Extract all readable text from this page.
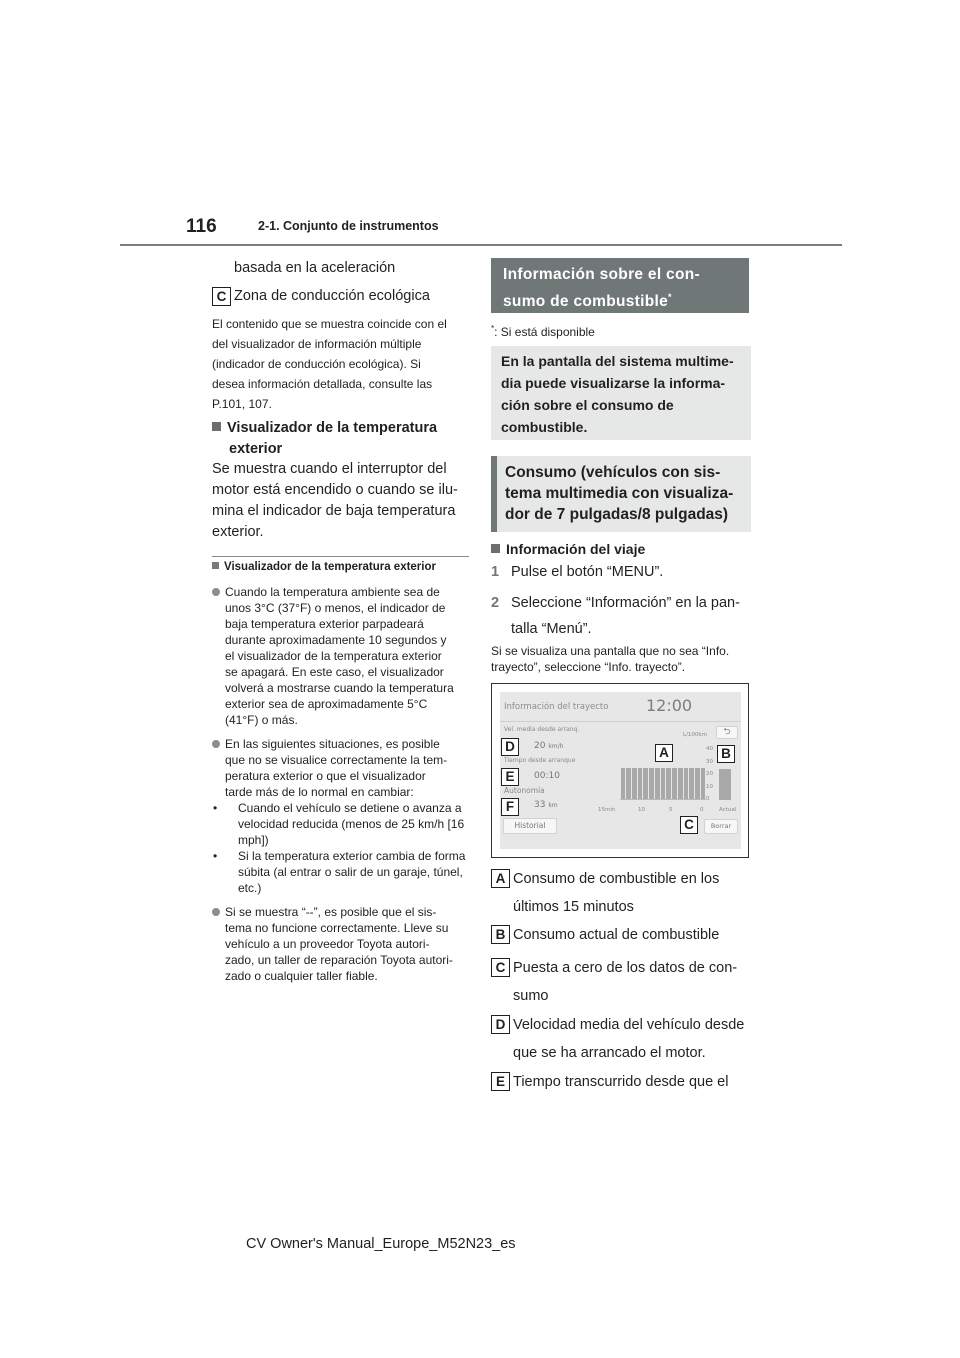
116	2-1. Conjunto de instrumentos
basada en la aceleración
C Zona de conducción ecológica
El contenido que se muestra coincide con el
del visualizador de información múltiple
(indicador de conducción ecológica). Si
desea información detallada, consulte las
P.101, 107.
Visualizador de la temperatura
exterior
Se muestra cuando el interruptor del
motor está encendido o cuando se ilu-
mina el indicador de baja temperatura
exterior.
Visualizador de la temperatura exterior
Cuando la temperatura ambiente sea de
unos 3°C (37°F) o menos, el indicador de
baja temperatura exterior parpadeará
durante aproximadamente 10 segundos y
el visualizador de la temperatura exterior
se apagará. En este caso, el visualizador
volverá a mostrarse cuando la temperatura
exterior sea de aproximadamente 5°C
(41°F) o más.
En las siguientes situaciones, es posible
que no se visualice correctamente la tem-
peratura exterior o que el visualizador
tarde más de lo normal en cambiar:
• Cuando el vehículo se detiene o avanza a
velocidad reducida (menos de 25 km/h [16
mph])
• Si la temperatura exterior cambia de forma
súbita (al entrar o salir de un garaje, túnel,
etc.)
Si se muestra “--”, es posible que el sis-
tema no funcione correctamente. Lleve su
vehículo a un proveedor Toyota autori-
zado, un taller de reparación Toyota autori-
zado o cualquier taller fiable.
Información sobre el con-
sumo de combustible*
*: Si está disponible
En la pantalla del sistema multime-
dia puede visualizarse la informa-
ción sobre el consumo de
combustible.
Consumo (vehículos con sis-
tema multimedia con visualiza-
dor de 7 pulgadas/8 pulgadas)
Información del viaje
1 Pulse el botón “MENU”.
2 Seleccione “Información” en la pan-
talla “Menú”.
Si se visualiza una pantalla que no sea “Info.
trayecto”, seleccione “Info. trayecto”.
Información del trayecto 12:00
Vel. media desde arranq.
20 km/h
Tiempo desde arranque
00:10
Autonomía
33 km
Historial	Borrar
⮌
L/100km
40
30
20
10
0
15min	10	5	0	Actual
D
E
F
A	B
C
A Consumo de combustible en los
últimos 15 minutos
B Consumo actual de combustible
C Puesta a cero de los datos de con-
sumo
D Velocidad media del vehículo desde
que se ha arrancado el motor.
E Tiempo transcurrido desde que el
CV Owner's Manual_Europe_M52N23_es
